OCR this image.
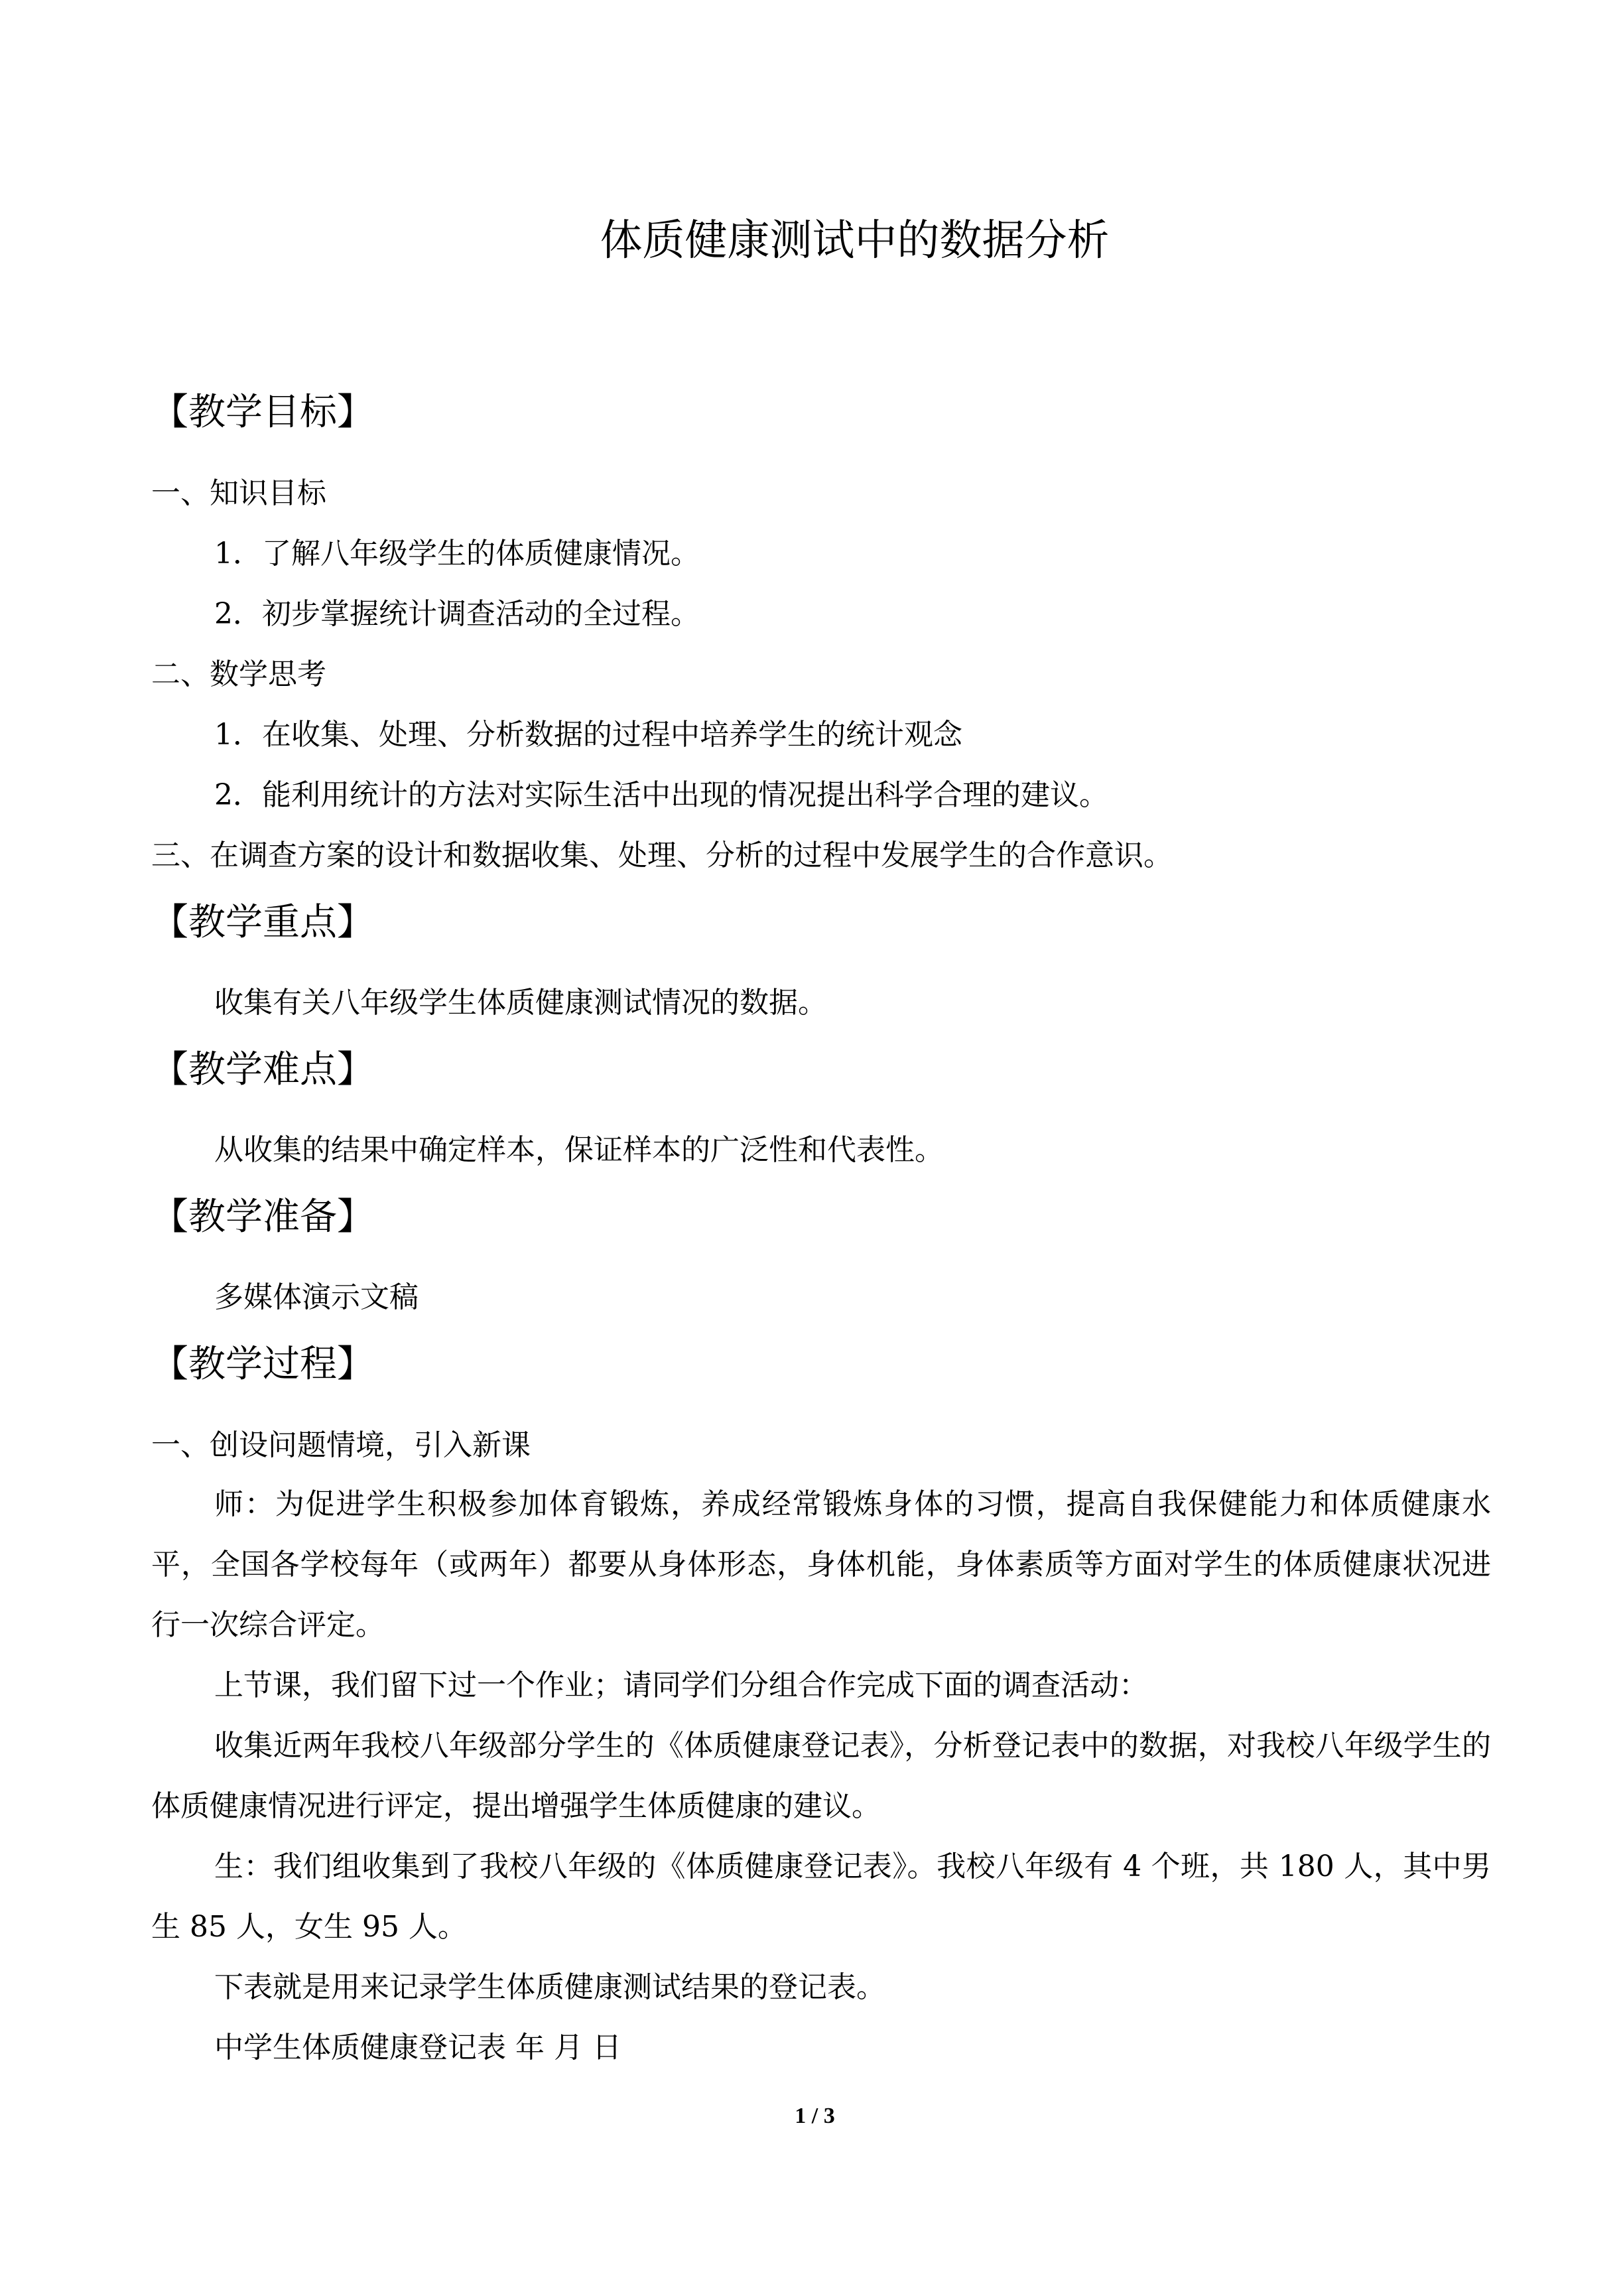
体质健康测试中的数据分析
【教学目标】
一、知识目标
1．了解八年级学生的体质健康情况。
2．初步掌握统计调查活动的全过程。
二、数学思考
1．在收集、处理、分析数据的过程中培养学生的统计观念
2．能利用统计的方法对实际生活中出现的情况提出科学合理的建议。
三、在调查方案的设计和数据收集、处理、分析的过程中发展学生的合作意识。
【教学重点】
收集有关八年级学生体质健康测试情况的数据。
【教学难点】
从收集的结果中确定样本，保证样本的广泛性和代表性。
【教学准备】
多媒体演示文稿
【教学过程】
一、创设问题情境，引入新课
师：为促进学生积极参加体育锻炼，养成经常锻炼身体的习惯，提高自我保健能力和体质健康水平，全国各学校每年（或两年）都要从身体形态，身体机能，身体素质等方面对学生的体质健康状况进行一次综合评定。
上节课，我们留下过一个作业；请同学们分组合作完成下面的调查活动：
收集近两年我校八年级部分学生的《体质健康登记表》，分析登记表中的数据，对我校八年级学生的体质健康情况进行评定，提出增强学生体质健康的建议。
生：我们组收集到了我校八年级的《体质健康登记表》。我校八年级有 4 个班，共 180 人，其中男生 85 人，女生 95 人。
下表就是用来记录学生体质健康测试结果的登记表。
中学生体质健康登记表 年 月 日
1 / 3
